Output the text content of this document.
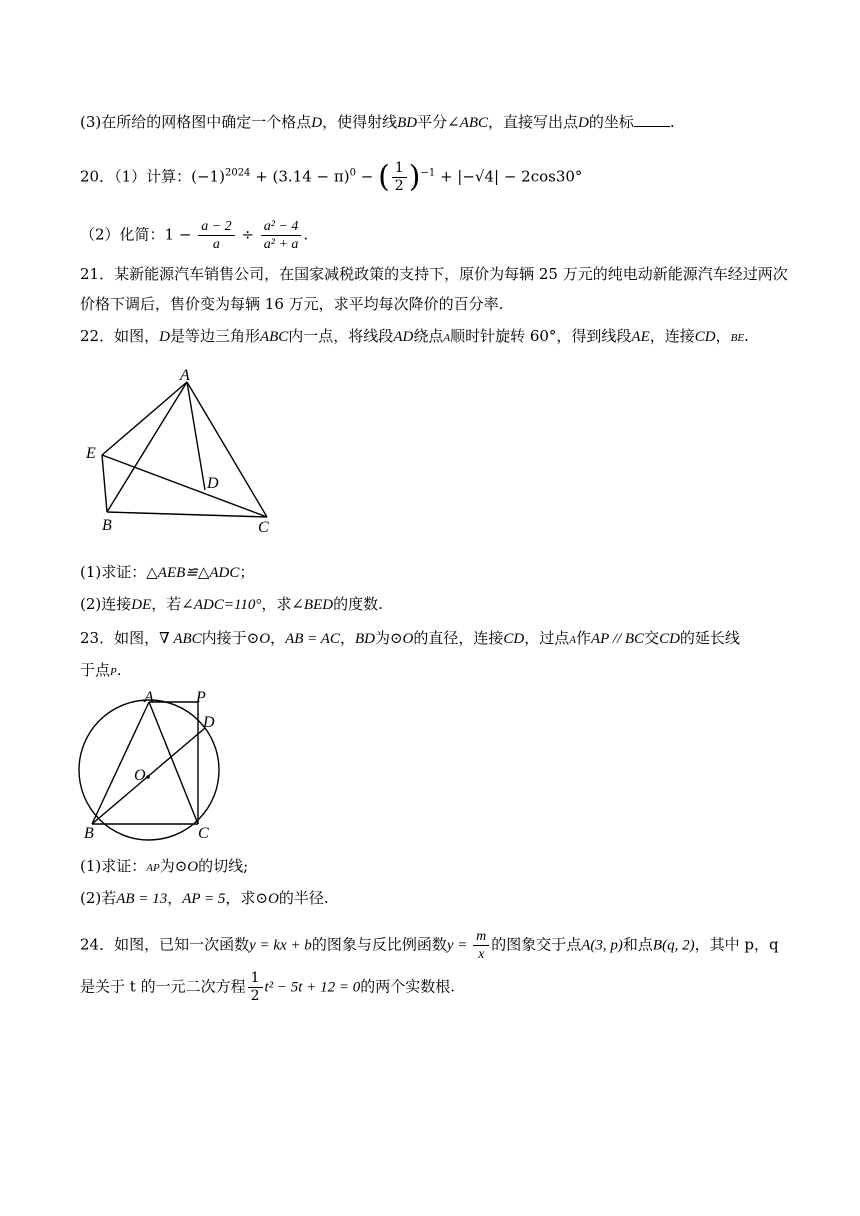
(3)在所给的网格图中确定一个格点D，使得射线BD平分∠ABC，直接写出点D的坐标 .
20．（1）计算：$(-1)^{2024} + (3.14 - \pi)^0$ − ( $\frac{1}{2} )^{-1} + |-√4| - 2\cos 30^\circ$
（2）化简：$1 - \frac{a - 2}{a} \div \frac{\text{a² − 4}}{\text{a² + a}}$ .
21．某新能源汽车销售公司，在国家减税政策的支持下，原价为每辆 25 万元的纯电动新能源汽车经过两次
价格下调后，售价变为每辆 16 万元，求平均每次降价的百分率.
22．如图，D是等边三角形ABC内一点，将线段AD绕点A顺时针旋转 60°，得到线段AE，连接CD，BE.
A
E
D
B	C
(1)求证：△AEB≌△ADC；
(2)连接DE，若∠ADC=110°，求∠BED的度数.
23．如图，∇ ABC内接于⊙O，AB = AC，BD为⊙O的直径，连接CD，过点A作AP // BC交CD的延长线
于点P.
A	P
D
O
B	C
(1)求证：AP为⊙O的切线;
(2)若AB = 13，AP = 5，求⊙O的半径.
24．如图，已知一次函数y = kx + b的图象与反比例函数$y = \frac{m}{x}$ 的图象交于点A(3, p)和点B(q, 2)，其中 p，q
是关于 t 的一元二次方程 $\frac{1}{2} t^2 - 5t + 12 = 0$的两个实数根.
